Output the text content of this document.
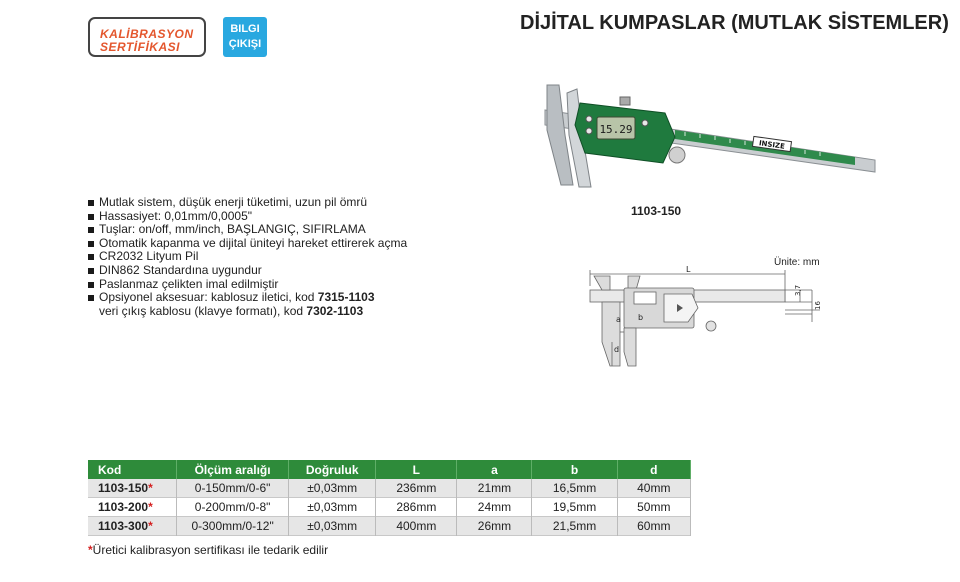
KALİBRASYON
SERTİFİKASI
BILGI
ÇIKIŞI
DİJİTAL KUMPASLAR (MUTLAK SİSTEMLER)
15.29
INSIZE
1103-150
Ünite: mm
L
a b
d
3,7
16
Mutlak sistem, düşük enerji tüketimi, uzun pil ömrü
Hassasiyet: 0,01mm/0,0005"
Tuşlar: on/off, mm/inch, BAŞLANGIÇ, SIFIRLAMA
Otomatik kapanma ve dijital üniteyi hareket ettirerek açma
CR2032 Lityum Pil
DIN862 Standardına uygundur
Paslanmaz çelikten imal edilmiştir
Opsiyonel aksesuar: kablosuz iletici, kod 7315-1103
veri çıkış kablosu (klavye formatı), kod 7302-1103
Kod	Ölçüm aralığı	Doğruluk	L	a	b	d
1103-150*	0-150mm/0-6"	±0,03mm	236mm	21mm	16,5mm	40mm
1103-200*	0-200mm/0-8"	±0,03mm	286mm	24mm	19,5mm	50mm
1103-300*	0-300mm/0-12"	±0,03mm	400mm	26mm	21,5mm	60mm
*Üretici kalibrasyon sertifikası ile tedarik edilir
